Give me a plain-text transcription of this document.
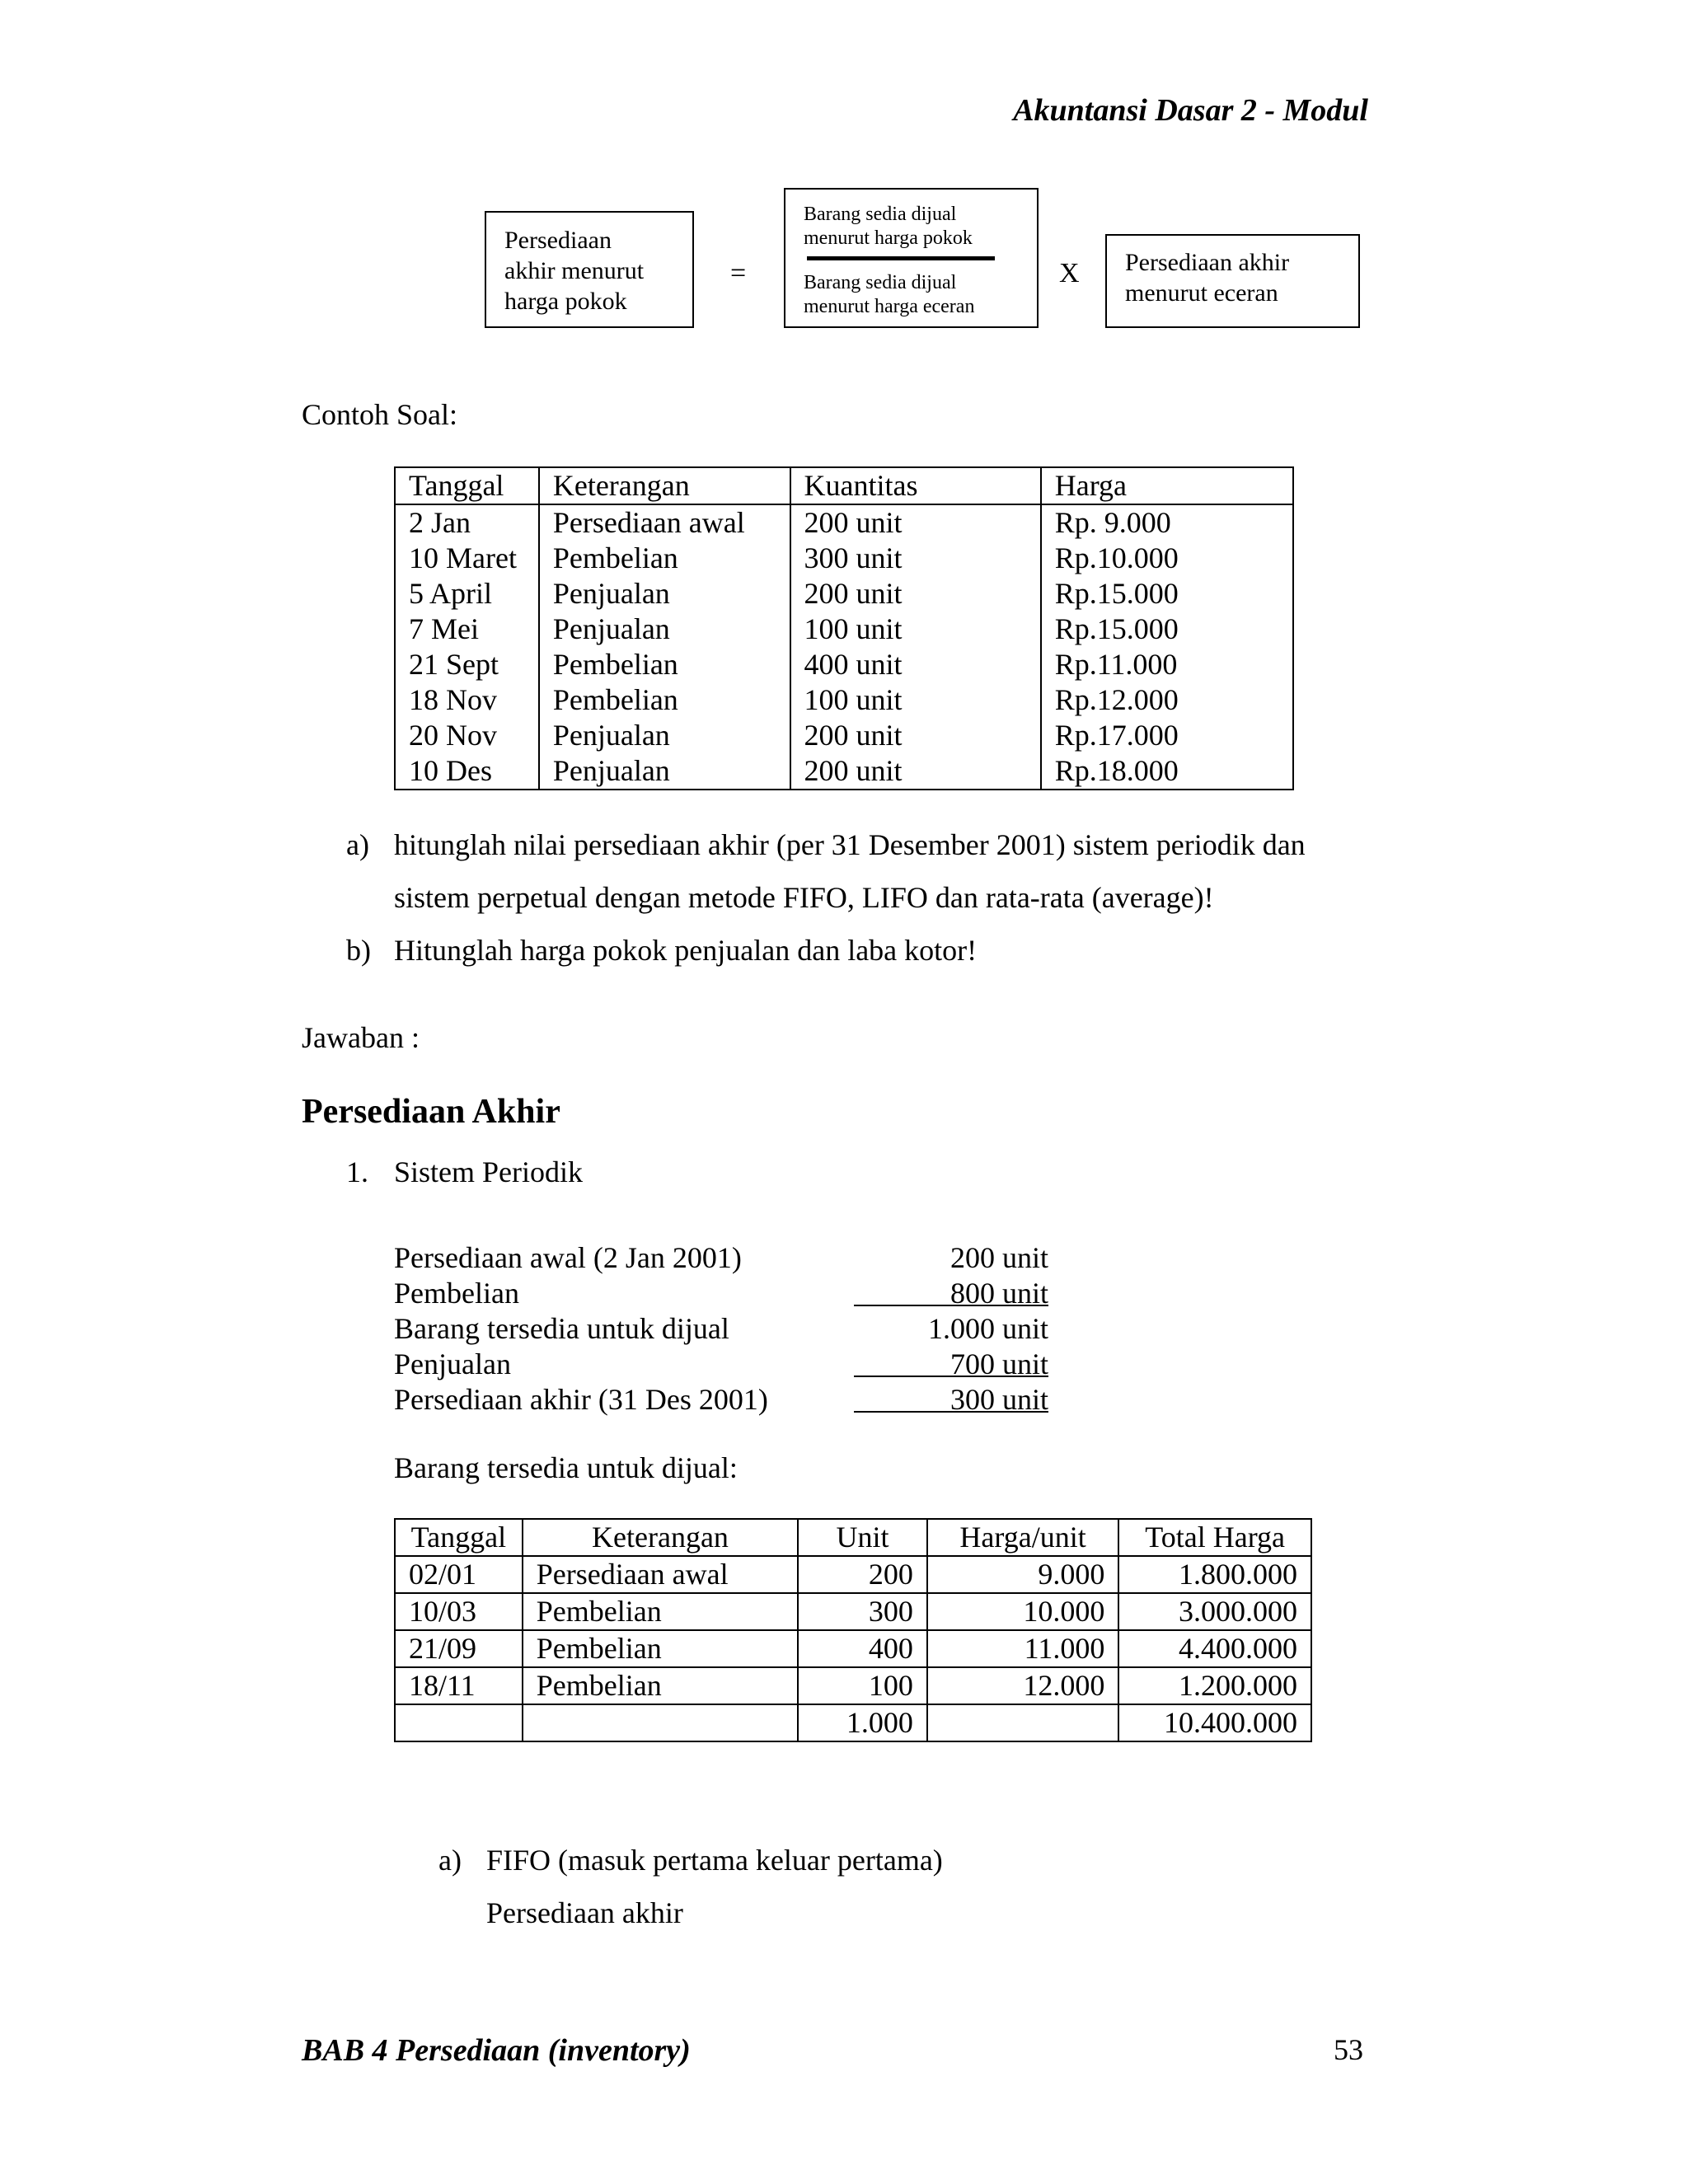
Akuntansi Dasar 2 - Modul
Persediaan
akhir menurut
harga pokok
=
Barang sedia dijual
menurut harga pokok
Barang sedia dijual
menurut harga eceran
X Persediaan akhir
menurut eceran
Contoh Soal:
Tanggal	Keterangan	Kuantitas	Harga
2 Jan	Persediaan awal	200 unit	Rp. 9.000
10 Maret	Pembelian	300 unit	Rp.10.000
5 April	Penjualan	200 unit	Rp.15.000
7 Mei	Penjualan	100 unit	Rp.15.000
21 Sept	Pembelian	400 unit	Rp.11.000
18 Nov	Pembelian	100 unit	Rp.12.000
20 Nov	Penjualan	200 unit	Rp.17.000
10 Des	Penjualan	200 unit	Rp.18.000
a) hitunglah nilai persediaan akhir (per 31 Desember 2001) sistem periodik dan
sistem perpetual dengan metode FIFO, LIFO dan rata-rata (average)!
b) Hitunglah harga pokok penjualan dan laba kotor!
Jawaban :
Persediaan Akhir
1. Sistem Periodik
Persediaan awal (2 Jan 2001)	200 unit
Pembelian	800 unit
Barang tersedia untuk dijual	1.000 unit
Penjualan	700 unit
Persediaan akhir (31 Des 2001)	300 unit
Barang tersedia untuk dijual:
Tanggal	Keterangan	Unit	Harga/unit	Total Harga
02/01	Persediaan awal	200	9.000	1.800.000
10/03	Pembelian	300	10.000	3.000.000
21/09	Pembelian	400	11.000	4.400.000
18/11	Pembelian	100	12.000	1.200.000
		1.000		10.400.000
a) FIFO (masuk pertama keluar pertama)
Persediaan akhir
BAB 4 Persediaan (inventory)	53
